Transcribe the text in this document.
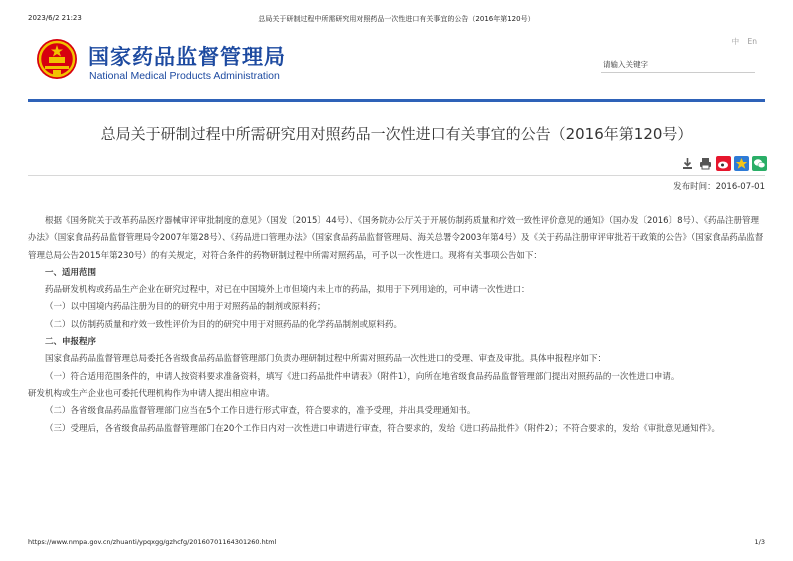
2023/6/2 21:23	总局关于研制过程中所需研究用对照药品一次性进口有关事宜的公告（2016年第120号）
国家药品监督管理局
National Medical Products Administration
中 En
请输入关键字
总局关于研制过程中所需研究用对照药品一次性进口有关事宜的公告（2016年第120号）
发布时间：2016-07-01

根据《国务院关于改革药品医疗器械审评审批制度的意见》（国发〔2015〕44号）、《国务院办公厅关于开展仿制药质量和疗效一致性评价意见的通知》（国办发〔2016〕8号）、《药品注册管理办法》（国家食品药品监督管理局令2007年第28号）、《药品进口管理办法》（国家食品药品监督管理局、海关总署令2003年第4号）及《关于药品注册审评审批若干政策的公告》（国家食品药品监督管理总局公告2015年第230号）的有关规定，对符合条件的药物研制过程中所需对照药品，可予以一次性进口。现将有关事项公告如下：

一、适用范围

药品研发机构或药品生产企业在研究过程中，对已在中国境外上市但境内未上市的药品，拟用于下列用途的，可申请一次性进口：

（一）以中国境内药品注册为目的的研究中用于对照药品的制剂或原料药；

（二）以仿制药质量和疗效一致性评价为目的的研究中用于对照药品的化学药品制剂或原料药。

二、申报程序

国家食品药品监督管理总局委托各省级食品药品监督管理部门负责办理研制过程中所需对照药品一次性进口的受理、审查及审批。具体申报程序如下：

（一）符合适用范围条件的，申请人按资料要求准备资料，填写《进口药品批件申请表》（附件1），向所在地省级食品药品监督管理部门提出对照药品的一次性进口申请。

研发机构或生产企业也可委托代理机构作为申请人提出相应申请。

（二）各省级食品药品监督管理部门应当在5个工作日进行形式审查，符合要求的，准予受理，并出具受理通知书。

（三）受理后，各省级食品药品监督管理部门在20个工作日内对一次性进口申请进行审查，符合要求的，发给《进口药品批件》（附件2）；不符合要求的，发给《审批意见通知件》。

https://www.nmpa.gov.cn/zhuanti/ypqxgg/gzhcfg/20160701164301260.html	1/3
